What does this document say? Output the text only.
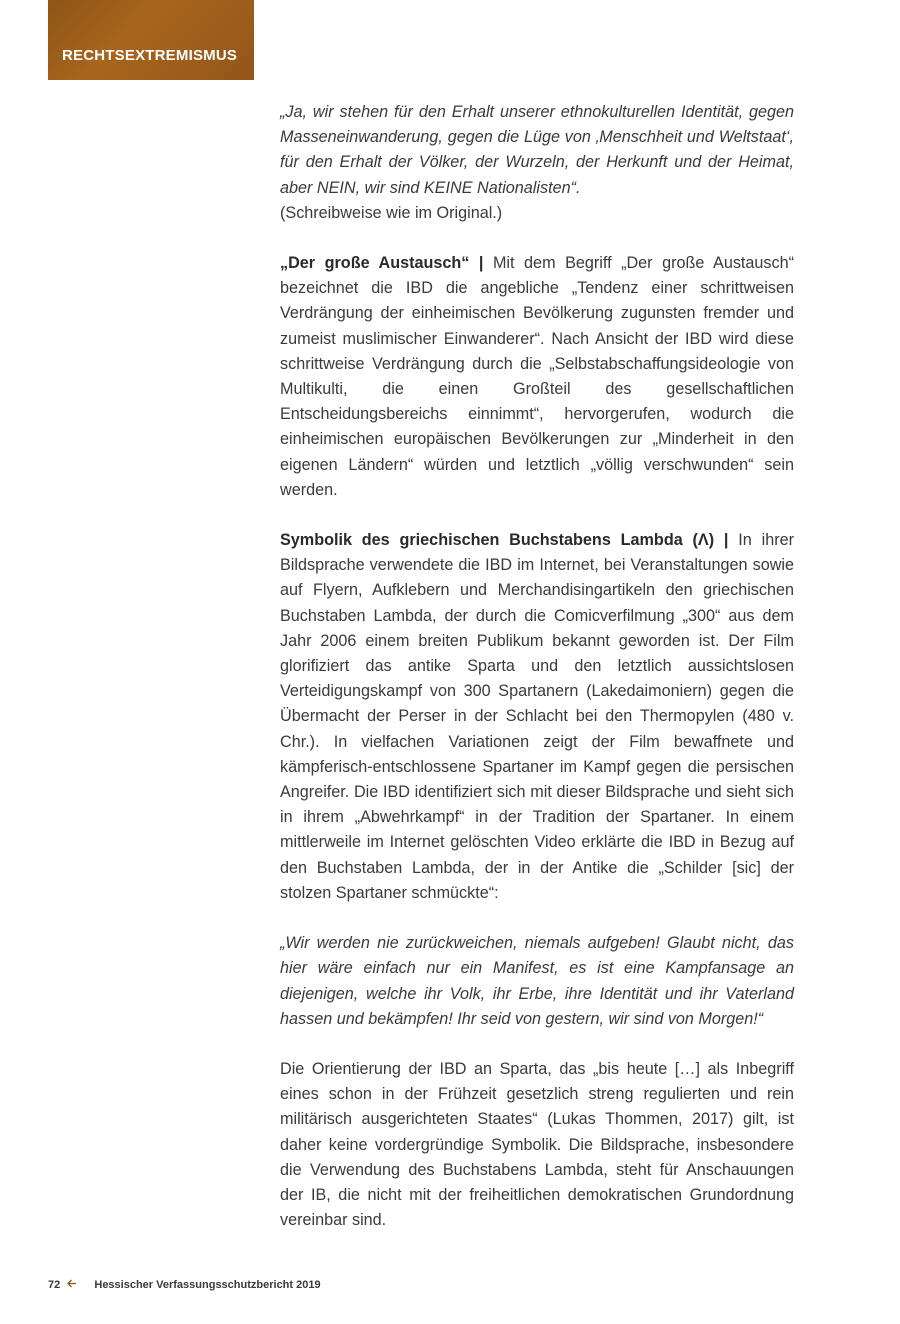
RECHTSEXTREMISMUS

„Ja, wir stehen für den Erhalt unserer ethnokulturellen Identität, gegen Masseneinwanderung, gegen die Lüge von ‚Menschheit und Weltstaat‘, für den Erhalt der Völker, der Wurzeln, der Herkunft und der Heimat, aber NEIN, wir sind KEINE Nationalisten“.

(Schreibweise wie im Original.)

„Der große Austausch“ | Mit dem Begriff „Der große Austausch“ bezeichnet die IBD die angebliche „Tendenz einer schrittweisen Verdrängung der einheimischen Bevölkerung zugunsten fremder und zumeist muslimischer Einwanderer“. Nach Ansicht der IBD wird diese schrittweise Verdrängung durch die „Selbstabschaffungsideologie von Multikulti, die einen Großteil des gesellschaftlichen Entscheidungsbereichs einnimmt“, hervorgerufen, wodurch die einheimischen europäischen Bevölkerungen zur „Minderheit in den eigenen Ländern“ würden und letztlich „völlig verschwunden“ sein werden.

Symbolik des griechischen Buchstabens Lambda (Λ) | In ihrer Bildsprache verwendete die IBD im Internet, bei Veranstaltungen sowie auf Flyern, Aufklebern und Merchandisingartikeln den griechischen Buchstaben Lambda, der durch die Comicverfilmung „300“ aus dem Jahr 2006 einem breiten Publikum bekannt geworden ist. Der Film glorifiziert das antike Sparta und den letztlich aussichtslosen Verteidigungskampf von 300 Spartanern (Lakedaimoniern) gegen die Übermacht der Perser in der Schlacht bei den Thermopylen (480 v. Chr.). In vielfachen Variationen zeigt der Film bewaffnete und kämpferisch-entschlossene Spartaner im Kampf gegen die persischen Angreifer. Die IBD identifiziert sich mit dieser Bildsprache und sieht sich in ihrem „Abwehrkampf“ in der Tradition der Spartaner. In einem mittlerweile im Internet gelöschten Video erklärte die IBD in Bezug auf den Buchstaben Lambda, der in der Antike die „Schilder [sic] der stolzen Spartaner schmückte“:

„Wir werden nie zurückweichen, niemals aufgeben! Glaubt nicht, das hier wäre einfach nur ein Manifest, es ist eine Kampfansage an diejenigen, welche ihr Volk, ihr Erbe, ihre Identität und ihr Vaterland hassen und bekämpfen! Ihr seid von gestern, wir sind von Morgen!“

Die Orientierung der IBD an Sparta, das „bis heute […] als Inbegriff eines schon in der Frühzeit gesetzlich streng regulierten und rein militärisch ausgerichteten Staates“ (Lukas Thommen, 2017) gilt, ist daher keine vordergründige Symbolik. Die Bildsprache, insbesondere die Verwendung des Buchstabens Lambda, steht für Anschauungen der IB, die nicht mit der freiheitlichen demokratischen Grundordnung vereinbar sind.

72	Hessischer Verfassungsschutzbericht 2019
